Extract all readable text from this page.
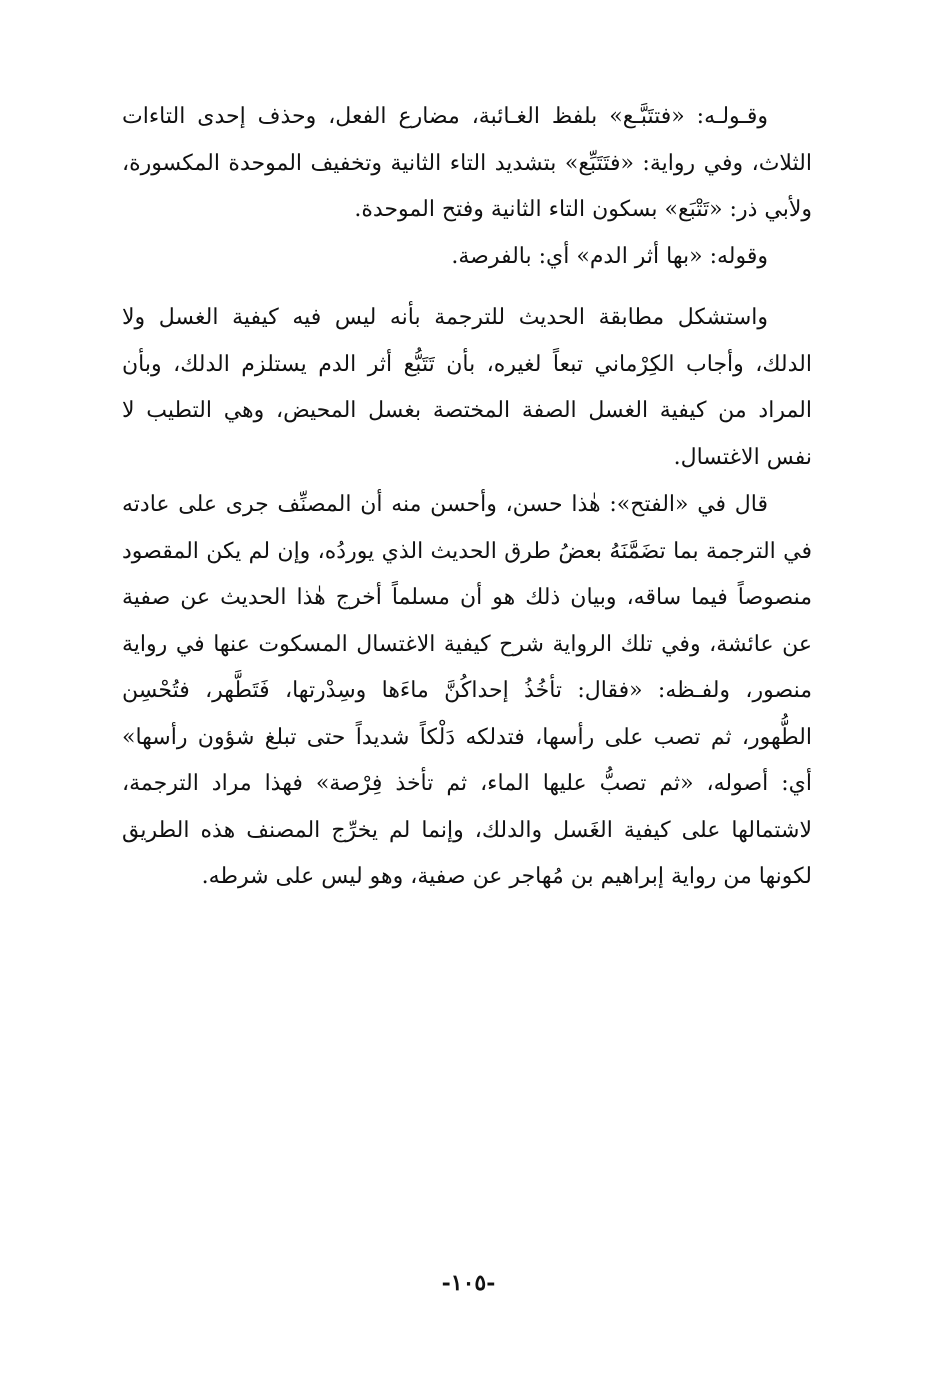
وقـولـه: «فتتَبَّـع» بلفظ الغـائبة، مضارع الفعل، وحذف إحدى التاءات الثلاث، وفي رواية: «فتَتَبِّع» بتشديد التاء الثانية وتخفيف الموحدة المكسورة، ولأبي ذر: «تَتْبَع» بسكون التاء الثانية وفتح الموحدة.

وقوله: «بها أثر الدم» أي: بالفرصة.

واستشكل مطابقة الحديث للترجمة بأنه ليس فيه كيفية الغسل ولا الدلك، وأجاب الكِرْماني تبعاً لغيره، بأن تَتَبُّع أثر الدم يستلزم الدلك، وبأن المراد من كيفية الغسل الصفة المختصة بغسل المحيض، وهي التطيب لا نفس الاغتسال.

قال في «الفتح»: هٰذا حسن، وأحسن منه أن المصنِّف جرى على عادته في الترجمة بما تضَمَّنَهُ بعضُ طرق الحديث الذي يوردُه، وإن لم يكن المقصود منصوصاً فيما ساقه، وبيان ذلك هو أن مسلماً أخرج هٰذا الحديث عن صفية عن عائشة، وفي تلك الرواية شرح كيفية الاغتسال المسكوت عنها في رواية منصور، ولفـظه: «فقال: تأخُذُ إحداكُنَّ ماءَها وسِدْرتها، فَتَطَّهر، فتُحْسِن الطُّهور، ثم تصب على رأسها، فتدلكه دَلْكاً شديداً حتى تبلغ شؤون رأسها» أي: أصوله، «ثم تصبُّ عليها الماء، ثم تأخذ فِرْصة» فهذا مراد الترجمة، لاشتمالها على كيفية الغَسل والدلك، وإنما لم يخرِّج المصنف هذه الطريق لكونها من رواية إبراهيم بن مُهاجر عن صفية، وهو ليس على شرطه.

-١٠٥-
